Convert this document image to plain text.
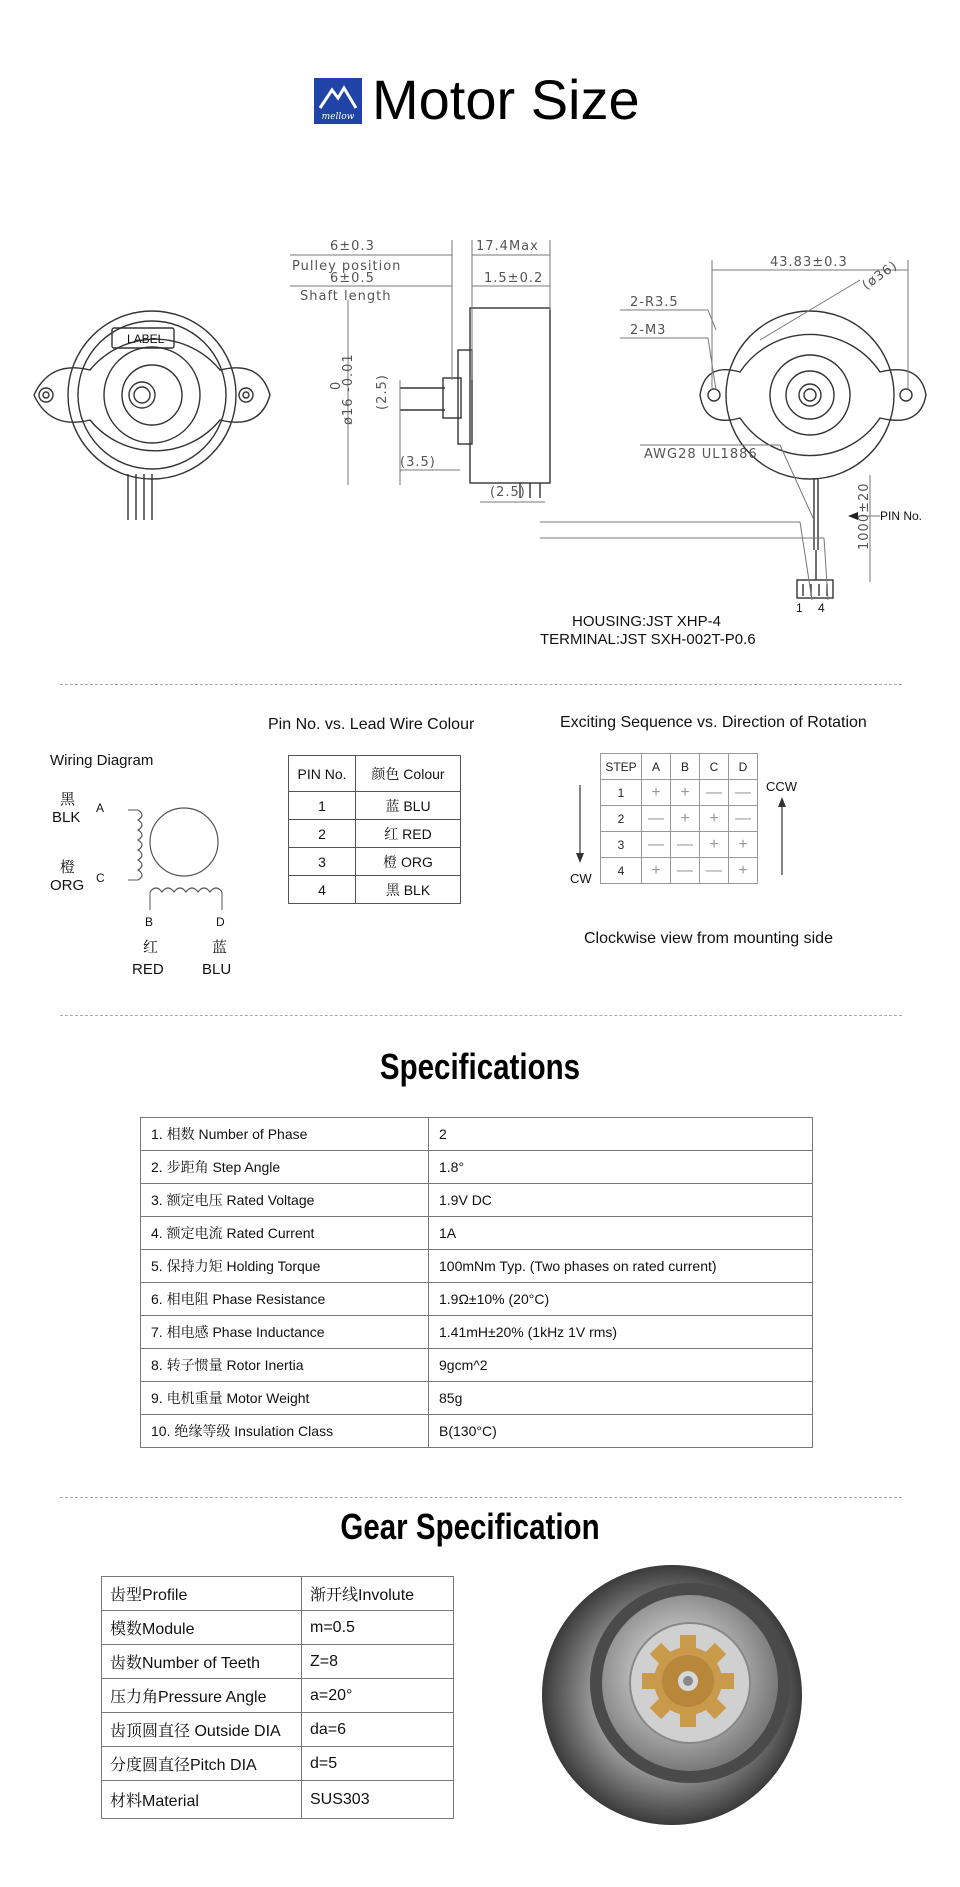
mellow Motor Size
6±0.3
Pulley position
6±0.5
Shaft length
17.4Max
1.5±0.2
ø16
0
-0.01
(2.5)
(3.5)
(2.5)
43.83±0.3 (ø36)
2-R3.5
2-M3
AWG28 UL1886
1000±20
LABEL
PIN No.
1 4
HOUSING:JST XHP-4
TERMINAL:JST SXH-002T-P0.6
Wiring Diagram
黑
BLK
A
橙
ORG C
B
红
RED
D
蓝
BLU
Pin No. vs. Lead Wire Colour
PIN No.	颜色 Colour
1	蓝 BLU
2	红 RED
3	橙 ORG
4	黑 BLK
Exciting Sequence vs. Direction of Rotation
STEP	A	B	C	D
1	+	+	—	—
2	—	+	+	—
3	—	—	+	+
4	+	—	—	+
CW
CCW
Clockwise view from mounting side
Specifications
1. 相数 Number of Phase	2
2. 步距角 Step Angle	1.8°
3. 额定电压 Rated Voltage	1.9V DC
4. 额定电流 Rated Current	1A
5. 保持力矩 Holding Torque	100mNm Typ. (Two phases on rated current)
6. 相电阻 Phase Resistance	1.9Ω±10% (20°C)
7. 相电感 Phase Inductance	1.41mH±20% (1kHz 1V rms)
8. 转子惯量 Rotor Inertia	9gcm^2
9. 电机重量 Motor Weight	85g
10. 绝缘等级 Insulation Class	B(130°C)
Gear Specification
齿型Profile	渐开线Involute
模数Module	m=0.5
齿数Number of Teeth	Z=8
压力角Pressure Angle	a=20°
齿顶圆直径 Outside DIA	da=6
分度圆直径Pitch DIA	d=5
材料Material	SUS303
